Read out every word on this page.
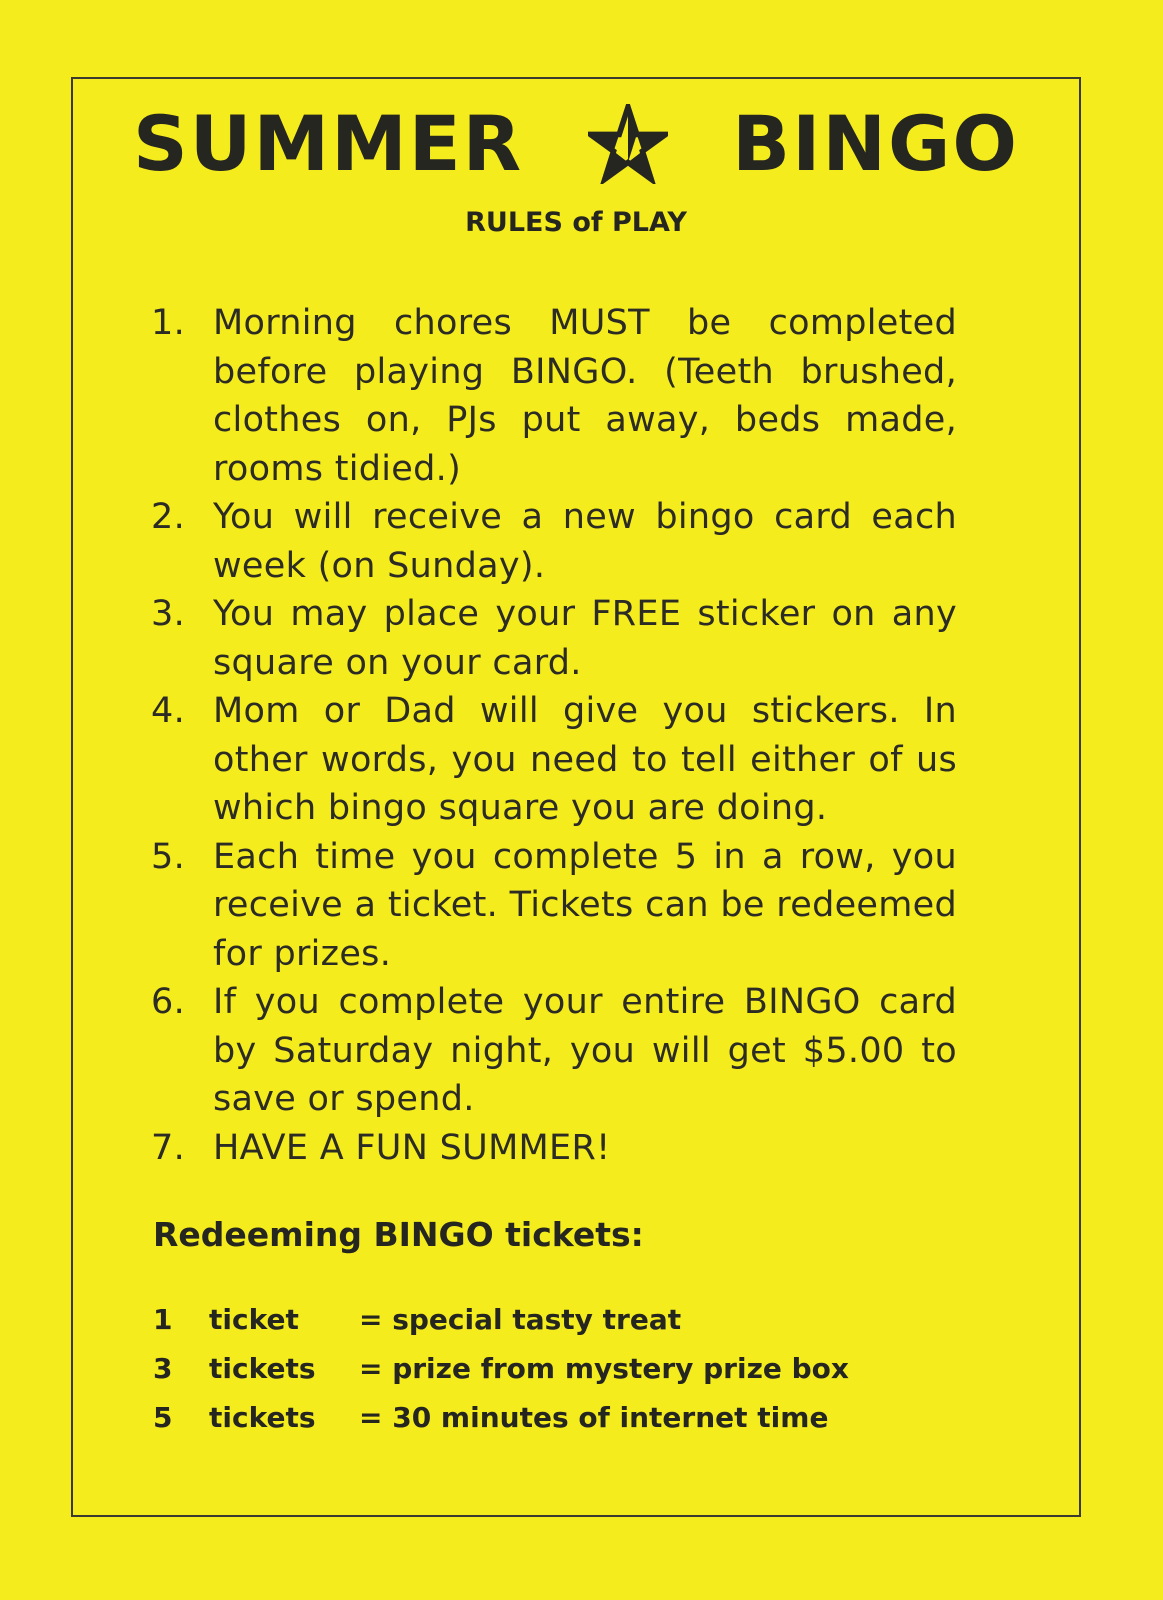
SUMMER	BINGO
RULES of PLAY
1. Morning chores MUST be completed before playing BINGO. (Teeth brushed, clothes on, PJs put away, beds made, rooms tidied.)
2. You will receive a new bingo card each week (on Sunday).
3. You may place your FREE sticker on any square on your card.
4. Mom or Dad will give you stickers. In other words, you need to tell either of us which bingo square you are doing.
5. Each time you complete 5 in a row, you receive a ticket. Tickets can be redeemed for prizes.
6. If you complete your entire BINGO card by Saturday night, you will get $5.00 to save or spend.
7. HAVE A FUN SUMMER!
Redeeming BINGO tickets:
1	ticket	= special tasty treat
3	tickets	= prize from mystery prize box
5	tickets	= 30 minutes of internet time
